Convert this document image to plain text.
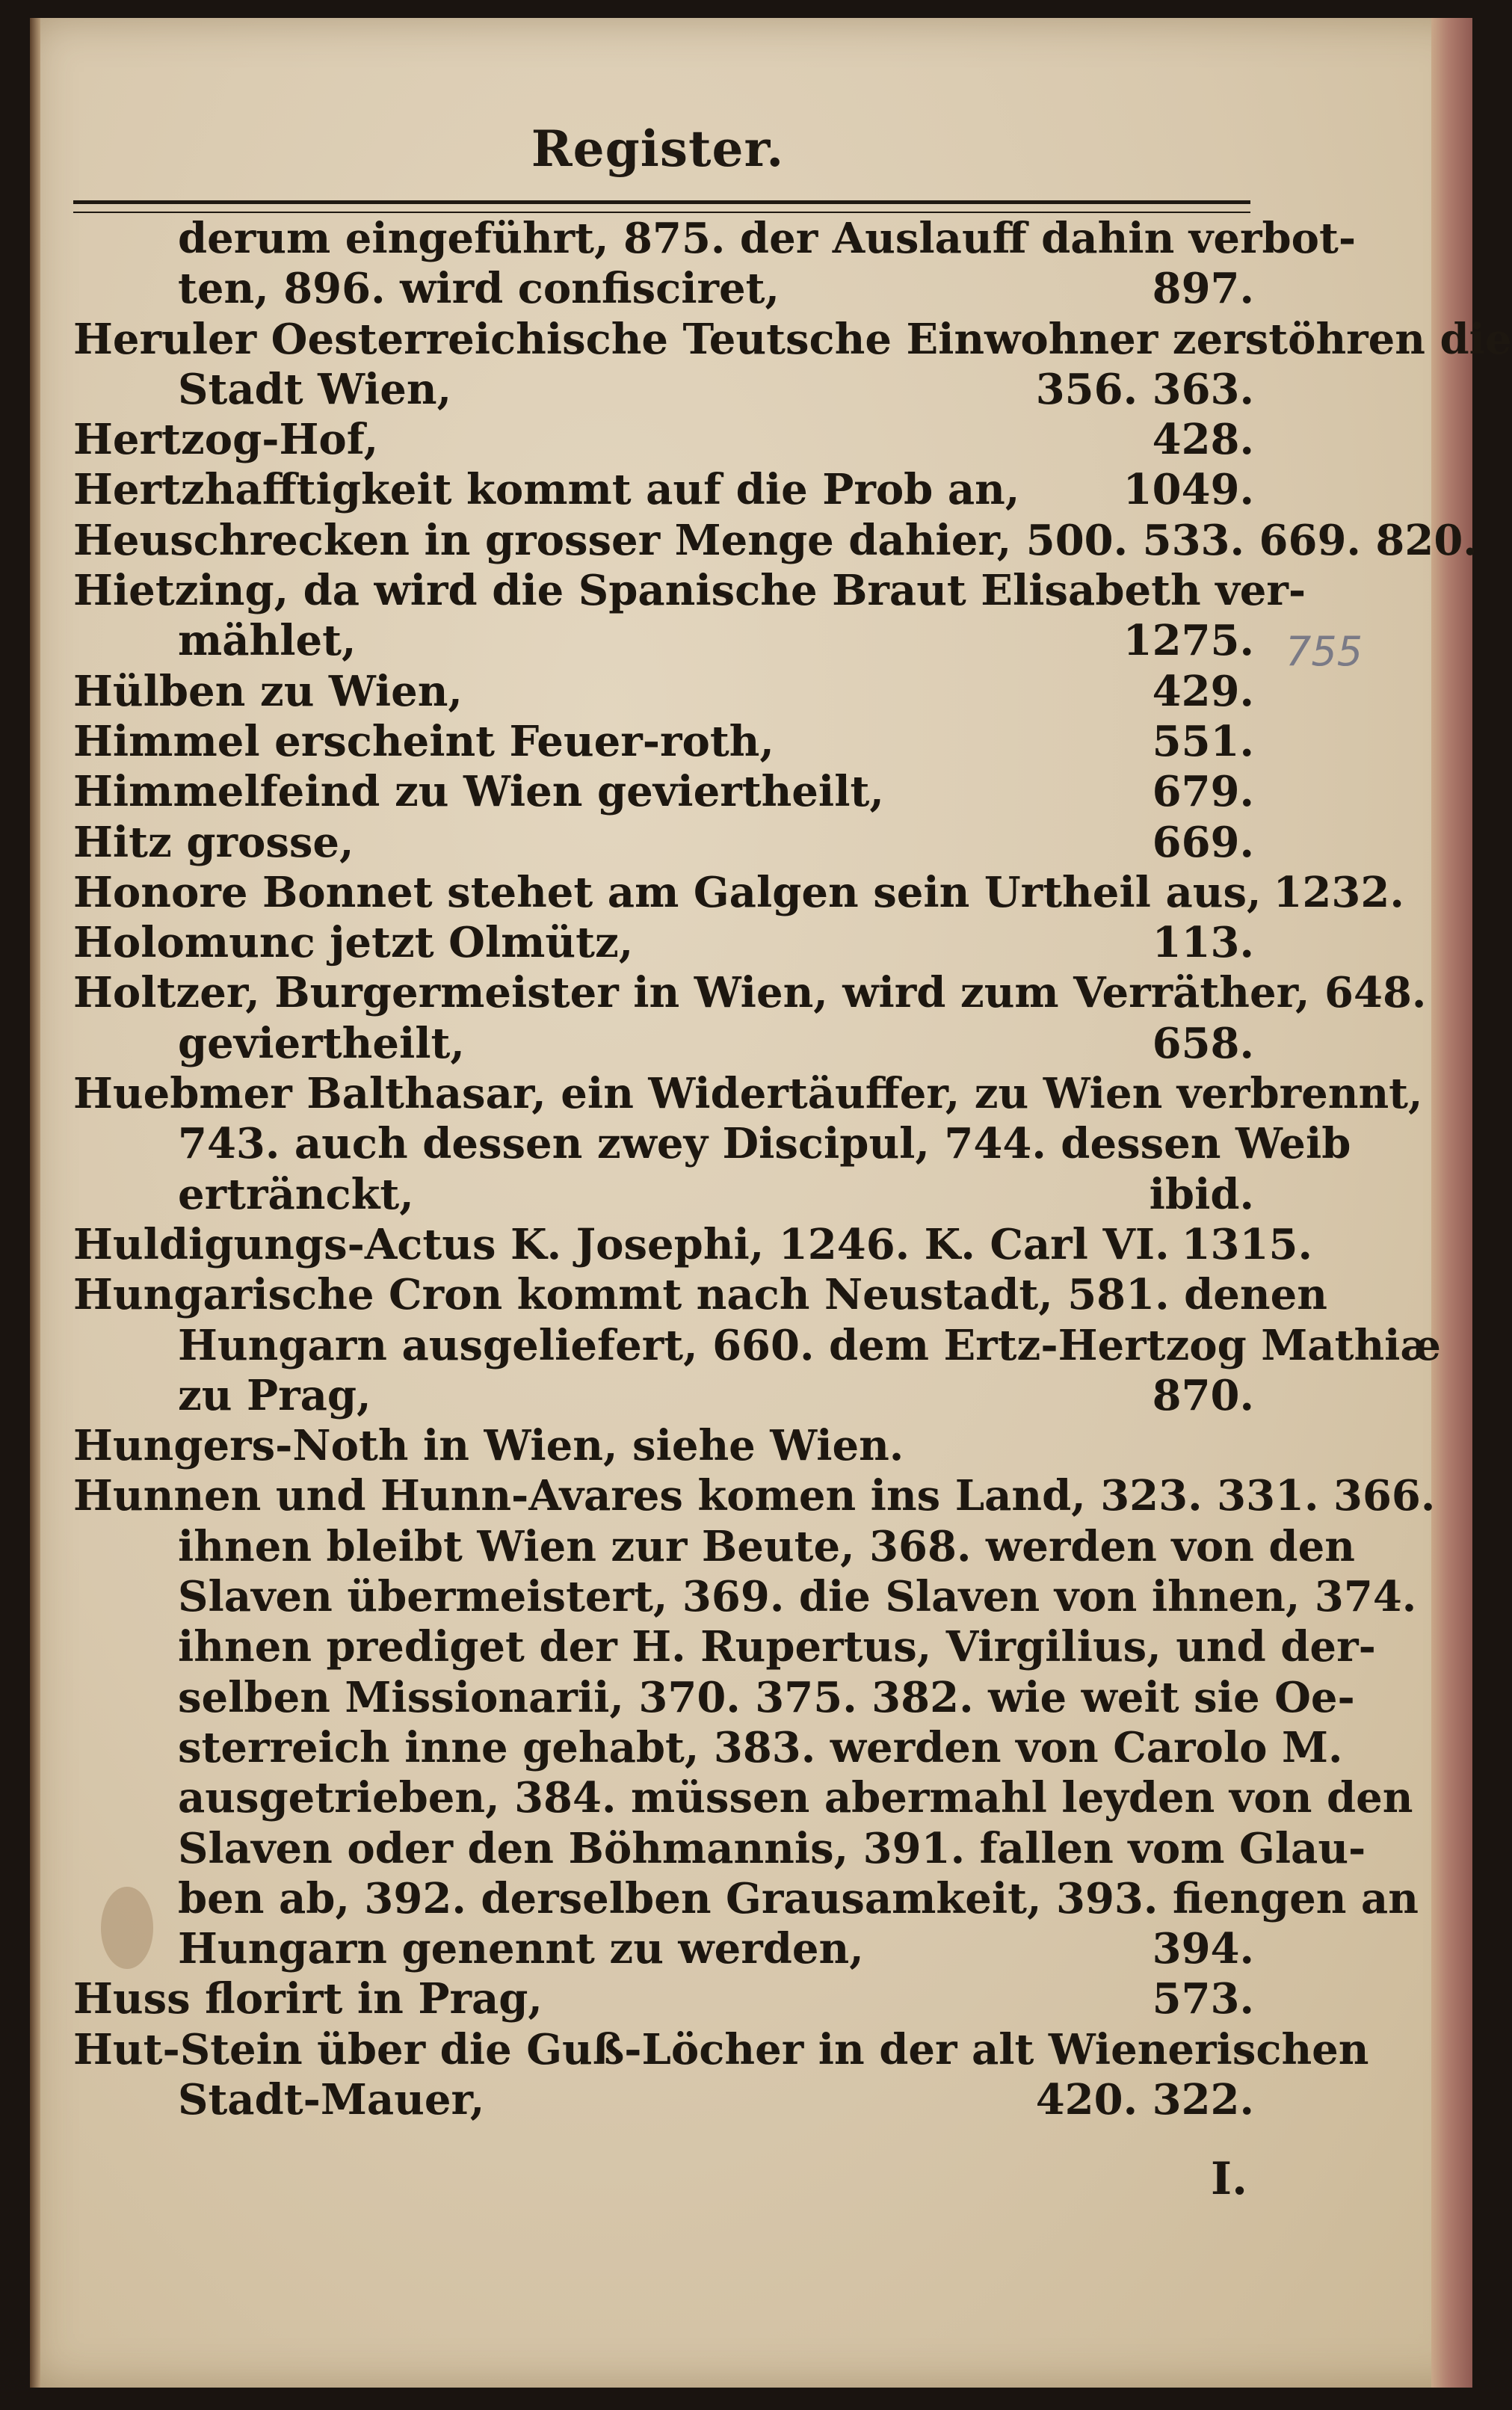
Register.
derum eingeführt, 875. der Auslauff dahin verbot-
ten, 896. wird confisciret,	897.
Heruler Oesterreichische Teutsche Einwohner zerstöhren die
Stadt Wien,	356. 363.
Hertzog-Hof,	428.
Hertzhafftigkeit kommt auf die Prob an, 1049.
Heuschrecken in grosser Menge dahier, 500. 533. 669. 820.
Hietzing, da wird die Spanische Braut Elisabeth ver-
mählet,	1275.
Hülben zu Wien,	429.
Himmel erscheint Feuer-roth,	551.
Himmelfeind zu Wien geviertheilt,	679.
Hitz grosse,	669.
Honore Bonnet stehet am Galgen sein Urtheil aus, 1232.
Holomunc jetzt Olmütz,	113.
Holtzer, Burgermeister in Wien, wird zum Verräther, 648.
geviertheilt,	658.
Huebmer Balthasar, ein Widertäuffer, zu Wien verbrennt,
743. auch dessen zwey Discipul, 744. dessen Weib
ertränckt,	ibid.
Huldigungs-Actus K. Josephi, 1246. K. Carl VI. 1315.
Hungarische Cron kommt nach Neustadt, 581. denen
Hungarn ausgeliefert, 660. dem Ertz-Hertzog Mathiæ
zu Prag,	870.
Hungers-Noth in Wien, siehe Wien.
Hunnen und Hunn-Avares komen ins Land, 323. 331. 366.
ihnen bleibt Wien zur Beute, 368. werden von den
Slaven übermeistert, 369. die Slaven von ihnen, 374.
ihnen prediget der H. Rupertus, Virgilius, und der-
selben Missionarii, 370. 375. 382. wie weit sie Oe-
sterreich inne gehabt, 383. werden von Carolo M.
ausgetrieben, 384. müssen abermahl leyden von den
Slaven oder den Böhmannis, 391. fallen vom Glau-
ben ab, 392. derselben Grausamkeit, 393. fiengen an
Hungarn genennt zu werden,	394.
Huss florirt in Prag,	573.
Hut-Stein über die Guß-Löcher in der alt Wienerischen
Stadt-Mauer,	420. 322.
755
I.
